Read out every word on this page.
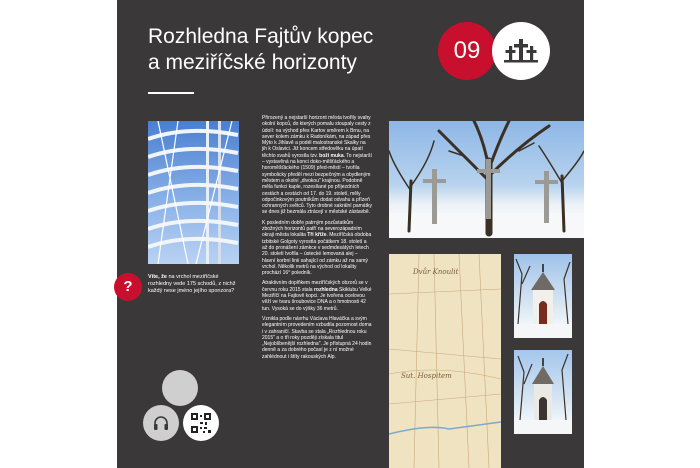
Rozhledna Fajtův kopec
a meziříčské horizonty	09
Dvůr Knoulit
Sut. Hospitem

Přirozený a nejstarší horizont města tvořily svahy okolní kopců, do kterých pomalu stoupaly cesty z údolí: na východ přes Kartov směrem k Brnu, na sever kolem zámku k Radoníkám, na západ přes Mýto k Jihlavě a podél malostranské Skalky na jih k Oslavici. Již koncem středověku na úpatí těchto svahů vyrostla tzv. boží muka. To nejstarší – vystavěná na konci doko-měšťáckého a horoměšťáckého (1509) před-městí – tvořila symbolicky předěl mezi bezpečným a obydleným městem a okolní „divokou" krajinou. Podobně měla funkci kaple, rozesílané po příjezdních cestách a cestách od 17. do 19. století, měly odpočinkovým poutníkům dodat odvahu a přízeň ochranných světců. Tyto drobné sakrální památky se dnes již bezmála ztrácejí v městské zástavbě.

K posledním dobře patrným pozůstatkům zbožných horizontů patří na severozápadním okraji města lokalita Tři kříže. Meziříčská obdoba tzbitské Golgoty vyrostla počátkem 18. století a až do pronášení zámkce v sedmdesátých letech 20. století tvořila – ústecké lemovaná alej – hlavní korbní linii sahající od zámku až na samý vrchol. Několik metrů na východ od lokality prochází 16° poledník.

Atraktivním doplňkem meziříčských obzorů se v červnu roku 2015 stala rozhledna Skiklubu Velké Meziříčí na Fajtově kopci. Je tvořena ocelovou věží ve tvaru šroubovice DNA a o hmotnosti 42 tun. Vysoká se do výšky 36 metrů.

Vznikla podle návrhu Václava Hlaváčka a svým elegantním provedením vzbudila pozornost doma i v zahraničí. Stavba se stala „Rozhlednou roku 2015" a o tři roky později získala titul „Nejoblíbenější rozhledna". Je přístupná 24 hodin denně a za dobrého počasí je z ní možné zahlédnout i štíty rakouských Alp.

?
Víte, že na vrchol meziříčské rozhledny vede 175 schodů, z nichž každý nese jméno jejího sponzora?
